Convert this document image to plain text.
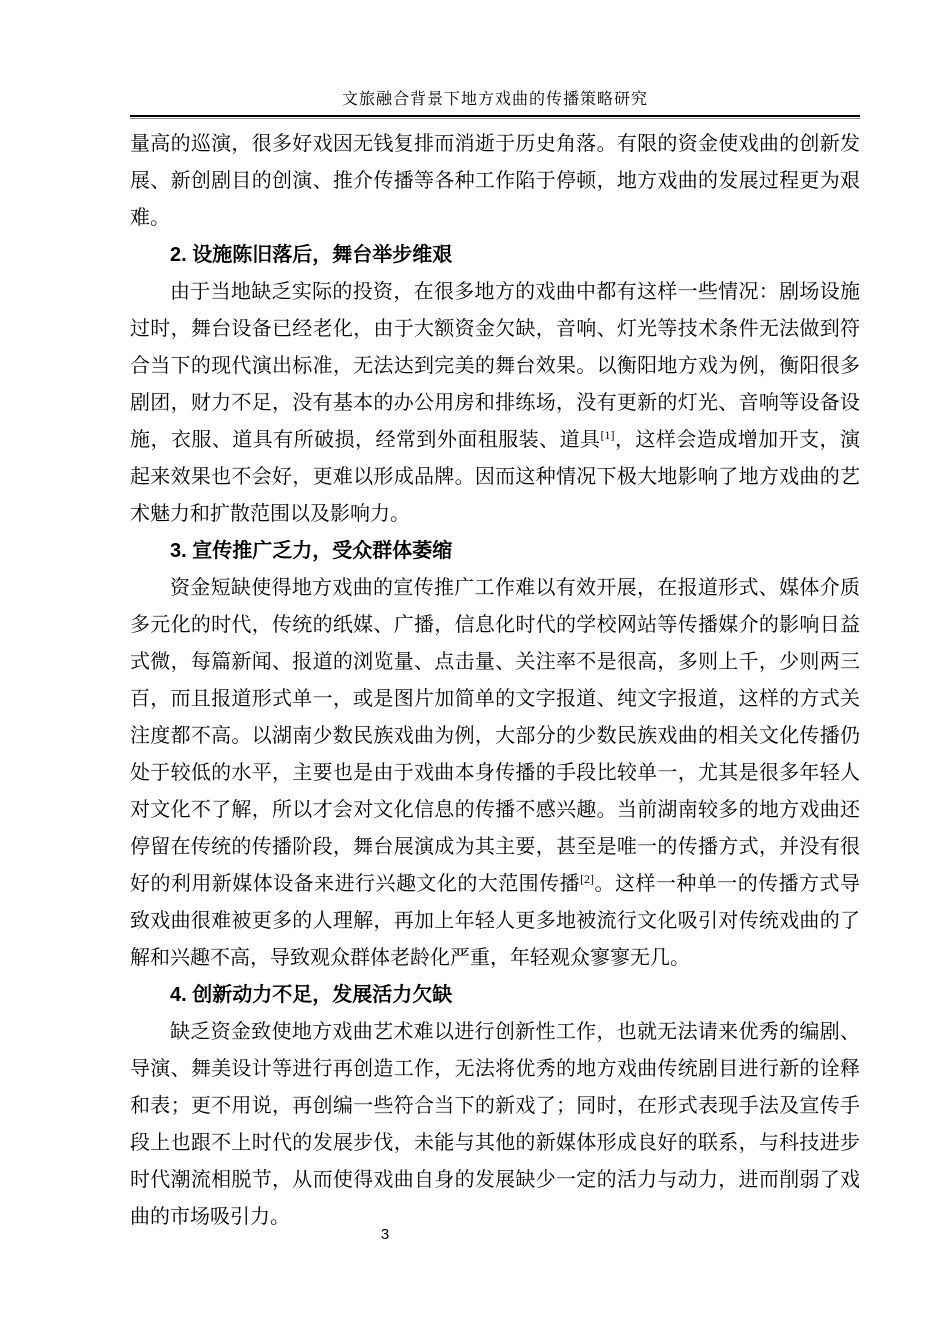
文旅融合背景下地方戏曲的传播策略研究

量高的巡演，很多好戏因无钱复排而消逝于历史角落。有限的资金使戏曲的创新发展、新创剧目的创演、推介传播等各种工作陷于停顿，地方戏曲的发展过程更为艰难。

2. 设施陈旧落后，舞台举步维艰

由于当地缺乏实际的投资，在很多地方的戏曲中都有这样一些情况：剧场设施过时，舞台设备已经老化，由于大额资金欠缺，音响、灯光等技术条件无法做到符合当下的现代演出标准，无法达到完美的舞台效果。以衡阳地方戏为例，衡阳很多剧团，财力不足，没有基本的办公用房和排练场，没有更新的灯光、音响等设备设施，衣服、道具有所破损，经常到外面租服装、道具[1]，这样会造成增加开支，演起来效果也不会好，更难以形成品牌。因而这种情况下极大地影响了地方戏曲的艺术魅力和扩散范围以及影响力。

3. 宣传推广乏力，受众群体萎缩

资金短缺使得地方戏曲的宣传推广工作难以有效开展，在报道形式、媒体介质多元化的时代，传统的纸媒、广播，信息化时代的学校网站等传播媒介的影响日益式微，每篇新闻、报道的浏览量、点击量、关注率不是很高，多则上千，少则两三百，而且报道形式单一，或是图片加简单的文字报道、纯文字报道，这样的方式关注度都不高。以湖南少数民族戏曲为例，大部分的少数民族戏曲的相关文化传播仍处于较低的水平，主要也是由于戏曲本身传播的手段比较单一，尤其是很多年轻人对文化不了解，所以才会对文化信息的传播不感兴趣。当前湖南较多的地方戏曲还停留在传统的传播阶段，舞台展演成为其主要，甚至是唯一的传播方式，并没有很好的利用新媒体设备来进行兴趣文化的大范围传播[2]。这样一种单一的传播方式导致戏曲很难被更多的人理解，再加上年轻人更多地被流行文化吸引对传统戏曲的了解和兴趣不高，导致观众群体老龄化严重，年轻观众寥寥无几。

4. 创新动力不足，发展活力欠缺

缺乏资金致使地方戏曲艺术难以进行创新性工作，也就无法请来优秀的编剧、导演、舞美设计等进行再创造工作，无法将优秀的地方戏曲传统剧目进行新的诠释和表；更不用说，再创编一些符合当下的新戏了；同时，在形式表现手法及宣传手段上也跟不上时代的发展步伐，未能与其他的新媒体形成良好的联系，与科技进步时代潮流相脱节，从而使得戏曲自身的发展缺少一定的活力与动力，进而削弱了戏曲的市场吸引力。

3
